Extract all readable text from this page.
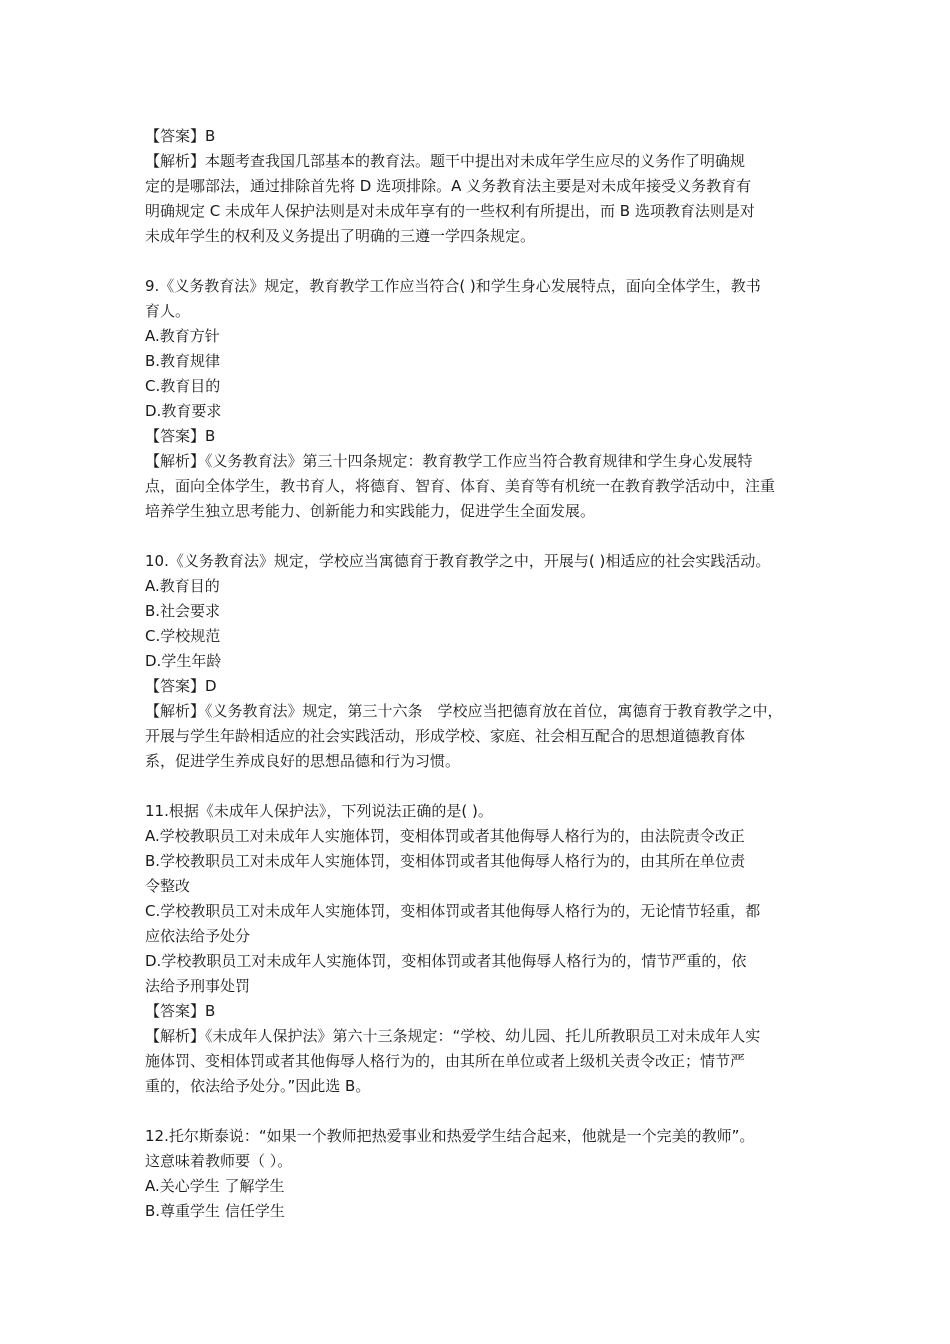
【答案】B
【解析】本题考查我国几部基本的教育法。题干中提出对未成年学生应尽的义务作了明确规
定的是哪部法，通过排除首先将 D 选项排除。A 义务教育法主要是对未成年接受义务教育有
明确规定 C 未成年人保护法则是对未成年享有的一些权利有所提出，而 B 选项教育法则是对
未成年学生的权利及义务提出了明确的三遵一学四条规定。
9.《义务教育法》规定，教育教学工作应当符合( )和学生身心发展特点，面向全体学生，教书
育人。
A.教育方针
B.教育规律
C.教育目的
D.教育要求
【答案】B
【解析】《义务教育法》第三十四条规定：教育教学工作应当符合教育规律和学生身心发展特
点，面向全体学生，教书育人，将德育、智育、体育、美育等有机统一在教育教学活动中，注重
培养学生独立思考能力、创新能力和实践能力，促进学生全面发展。
10.《义务教育法》规定，学校应当寓德育于教育教学之中，开展与( )相适应的社会实践活动。
A.教育目的
B.社会要求
C.学校规范
D.学生年龄
【答案】D
【解析】《义务教育法》规定，第三十六条　学校应当把德育放在首位，寓德育于教育教学之中，
开展与学生年龄相适应的社会实践活动，形成学校、家庭、社会相互配合的思想道德教育体
系，促进学生养成良好的思想品德和行为习惯。
11.根据《未成年人保护法》，下列说法正确的是( )。
A.学校教职员工对未成年人实施体罚，变相体罚或者其他侮辱人格行为的，由法院责令改正
B.学校教职员工对未成年人实施体罚，变相体罚或者其他侮辱人格行为的，由其所在单位责
令整改
C.学校教职员工对未成年人实施体罚，变相体罚或者其他侮辱人格行为的，无论情节轻重，都
应依法给予处分
D.学校教职员工对未成年人实施体罚，变相体罚或者其他侮辱人格行为的，情节严重的，依
法给予刑事处罚
【答案】B
【解析】《未成年人保护法》第六十三条规定：“学校、幼儿园、托儿所教职员工对未成年人实
施体罚、变相体罚或者其他侮辱人格行为的，由其所在单位或者上级机关责令改正；情节严
重的，依法给予处分。”因此选 B。
12.托尔斯泰说：“如果一个教师把热爱事业和热爱学生结合起来，他就是一个完美的教师”。
这意味着教师要（ ）。
A.关心学生 了解学生
B.尊重学生 信任学生
